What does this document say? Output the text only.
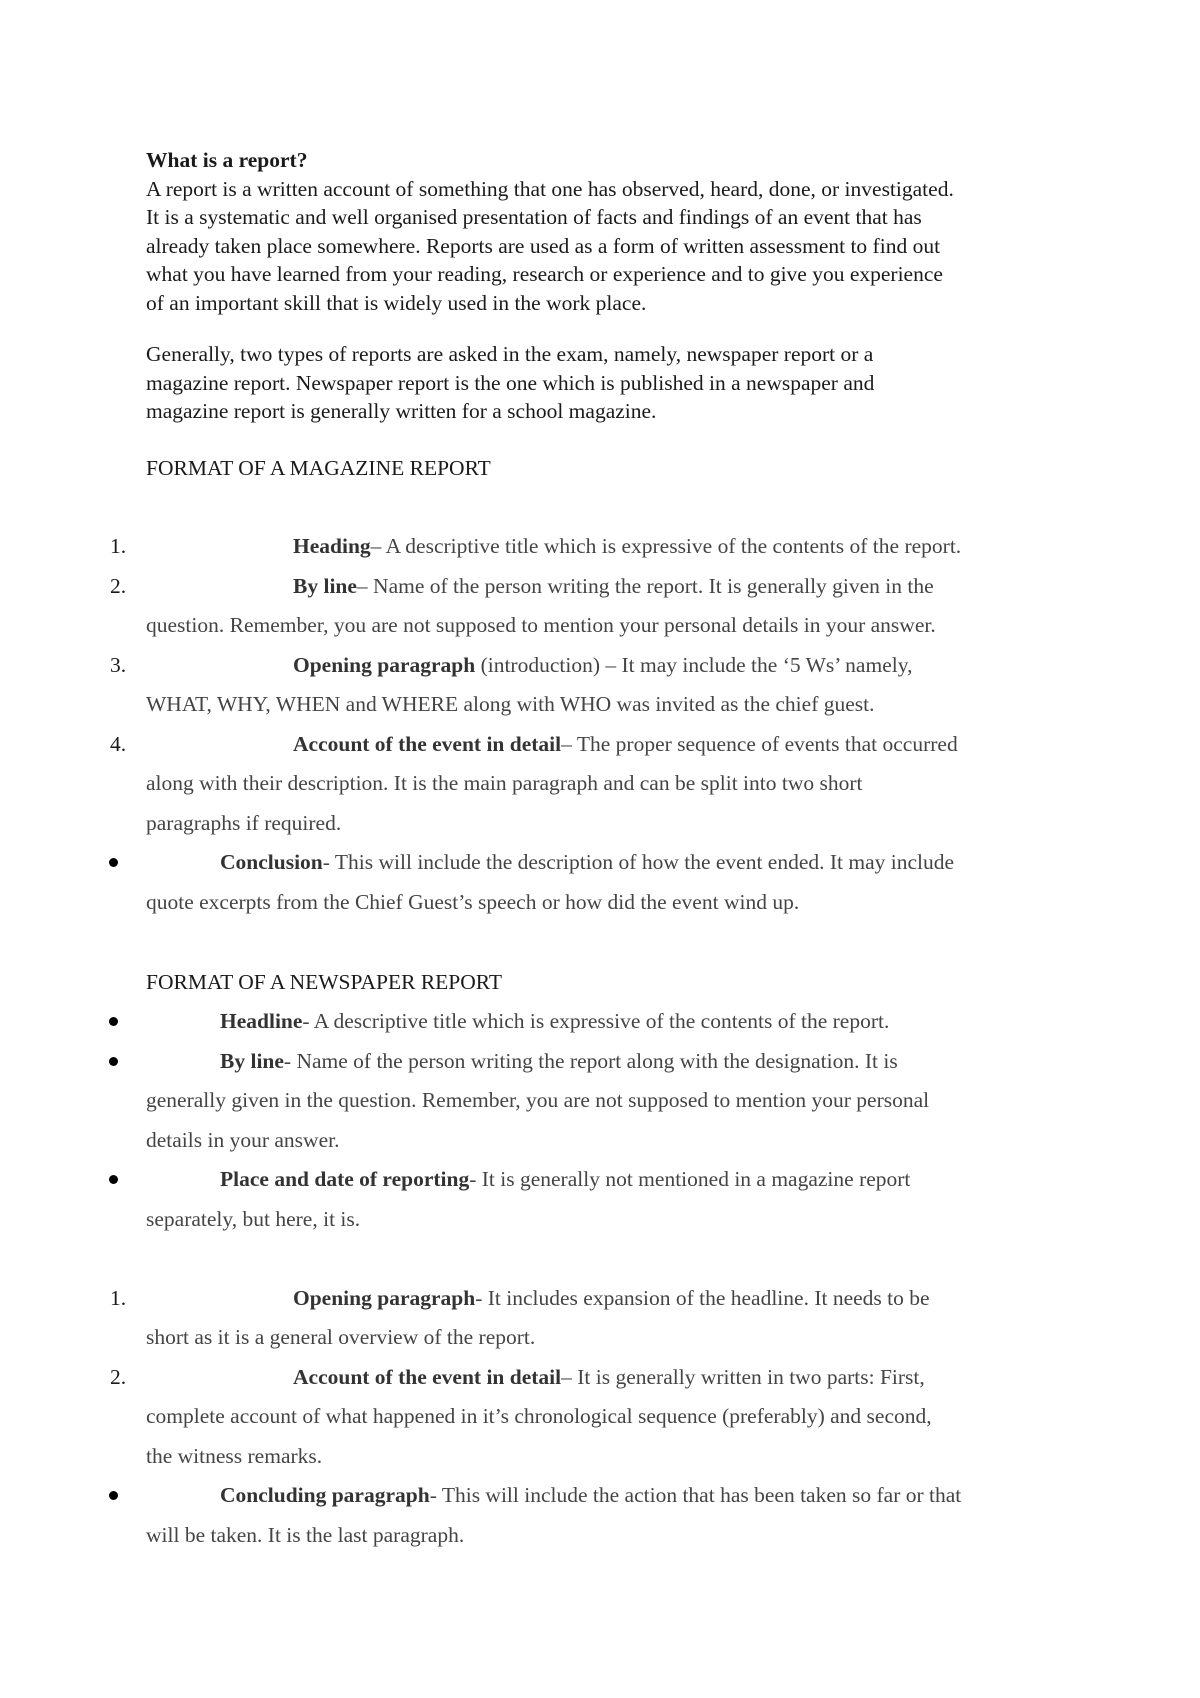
What is a report?
A report is a written account of something that one has observed, heard, done, or investigated.
It is a systematic and well organised presentation of facts and findings of an event that has
already taken place somewhere. Reports are used as a form of written assessment to find out
what you have learned from your reading, research or experience and to give you experience
of an important skill that is widely used in the work place.
Generally, two types of reports are asked in the exam, namely, newspaper report or a
magazine report. Newspaper report is the one which is published in a newspaper and
magazine report is generally written for a school magazine.
FORMAT OF A MAGAZINE REPORT
1.	Heading– A descriptive title which is expressive of the contents of the report.
2.	By line– Name of the person writing the report. It is generally given in the
question. Remember, you are not supposed to mention your personal details in your answer.
3.	Opening paragraph (introduction) – It may include the ‘5 Ws’ namely,
WHAT, WHY, WHEN and WHERE along with WHO was invited as the chief guest.
4.	Account of the event in detail– The proper sequence of events that occurred
along with their description. It is the main paragraph and can be split into two short
paragraphs if required.
Conclusion- This will include the description of how the event ended. It may include
quote excerpts from the Chief Guest’s speech or how did the event wind up.
FORMAT OF A NEWSPAPER REPORT
Headline- A descriptive title which is expressive of the contents of the report.
By line- Name of the person writing the report along with the designation. It is
generally given in the question. Remember, you are not supposed to mention your personal
details in your answer.
Place and date of reporting- It is generally not mentioned in a magazine report
separately, but here, it is.
1.	Opening paragraph- It includes expansion of the headline. It needs to be
short as it is a general overview of the report.
2.	Account of the event in detail– It is generally written in two parts: First,
complete account of what happened in it’s chronological sequence (preferably) and second,
the witness remarks.
Concluding paragraph- This will include the action that has been taken so far or that
will be taken. It is the last paragraph.
